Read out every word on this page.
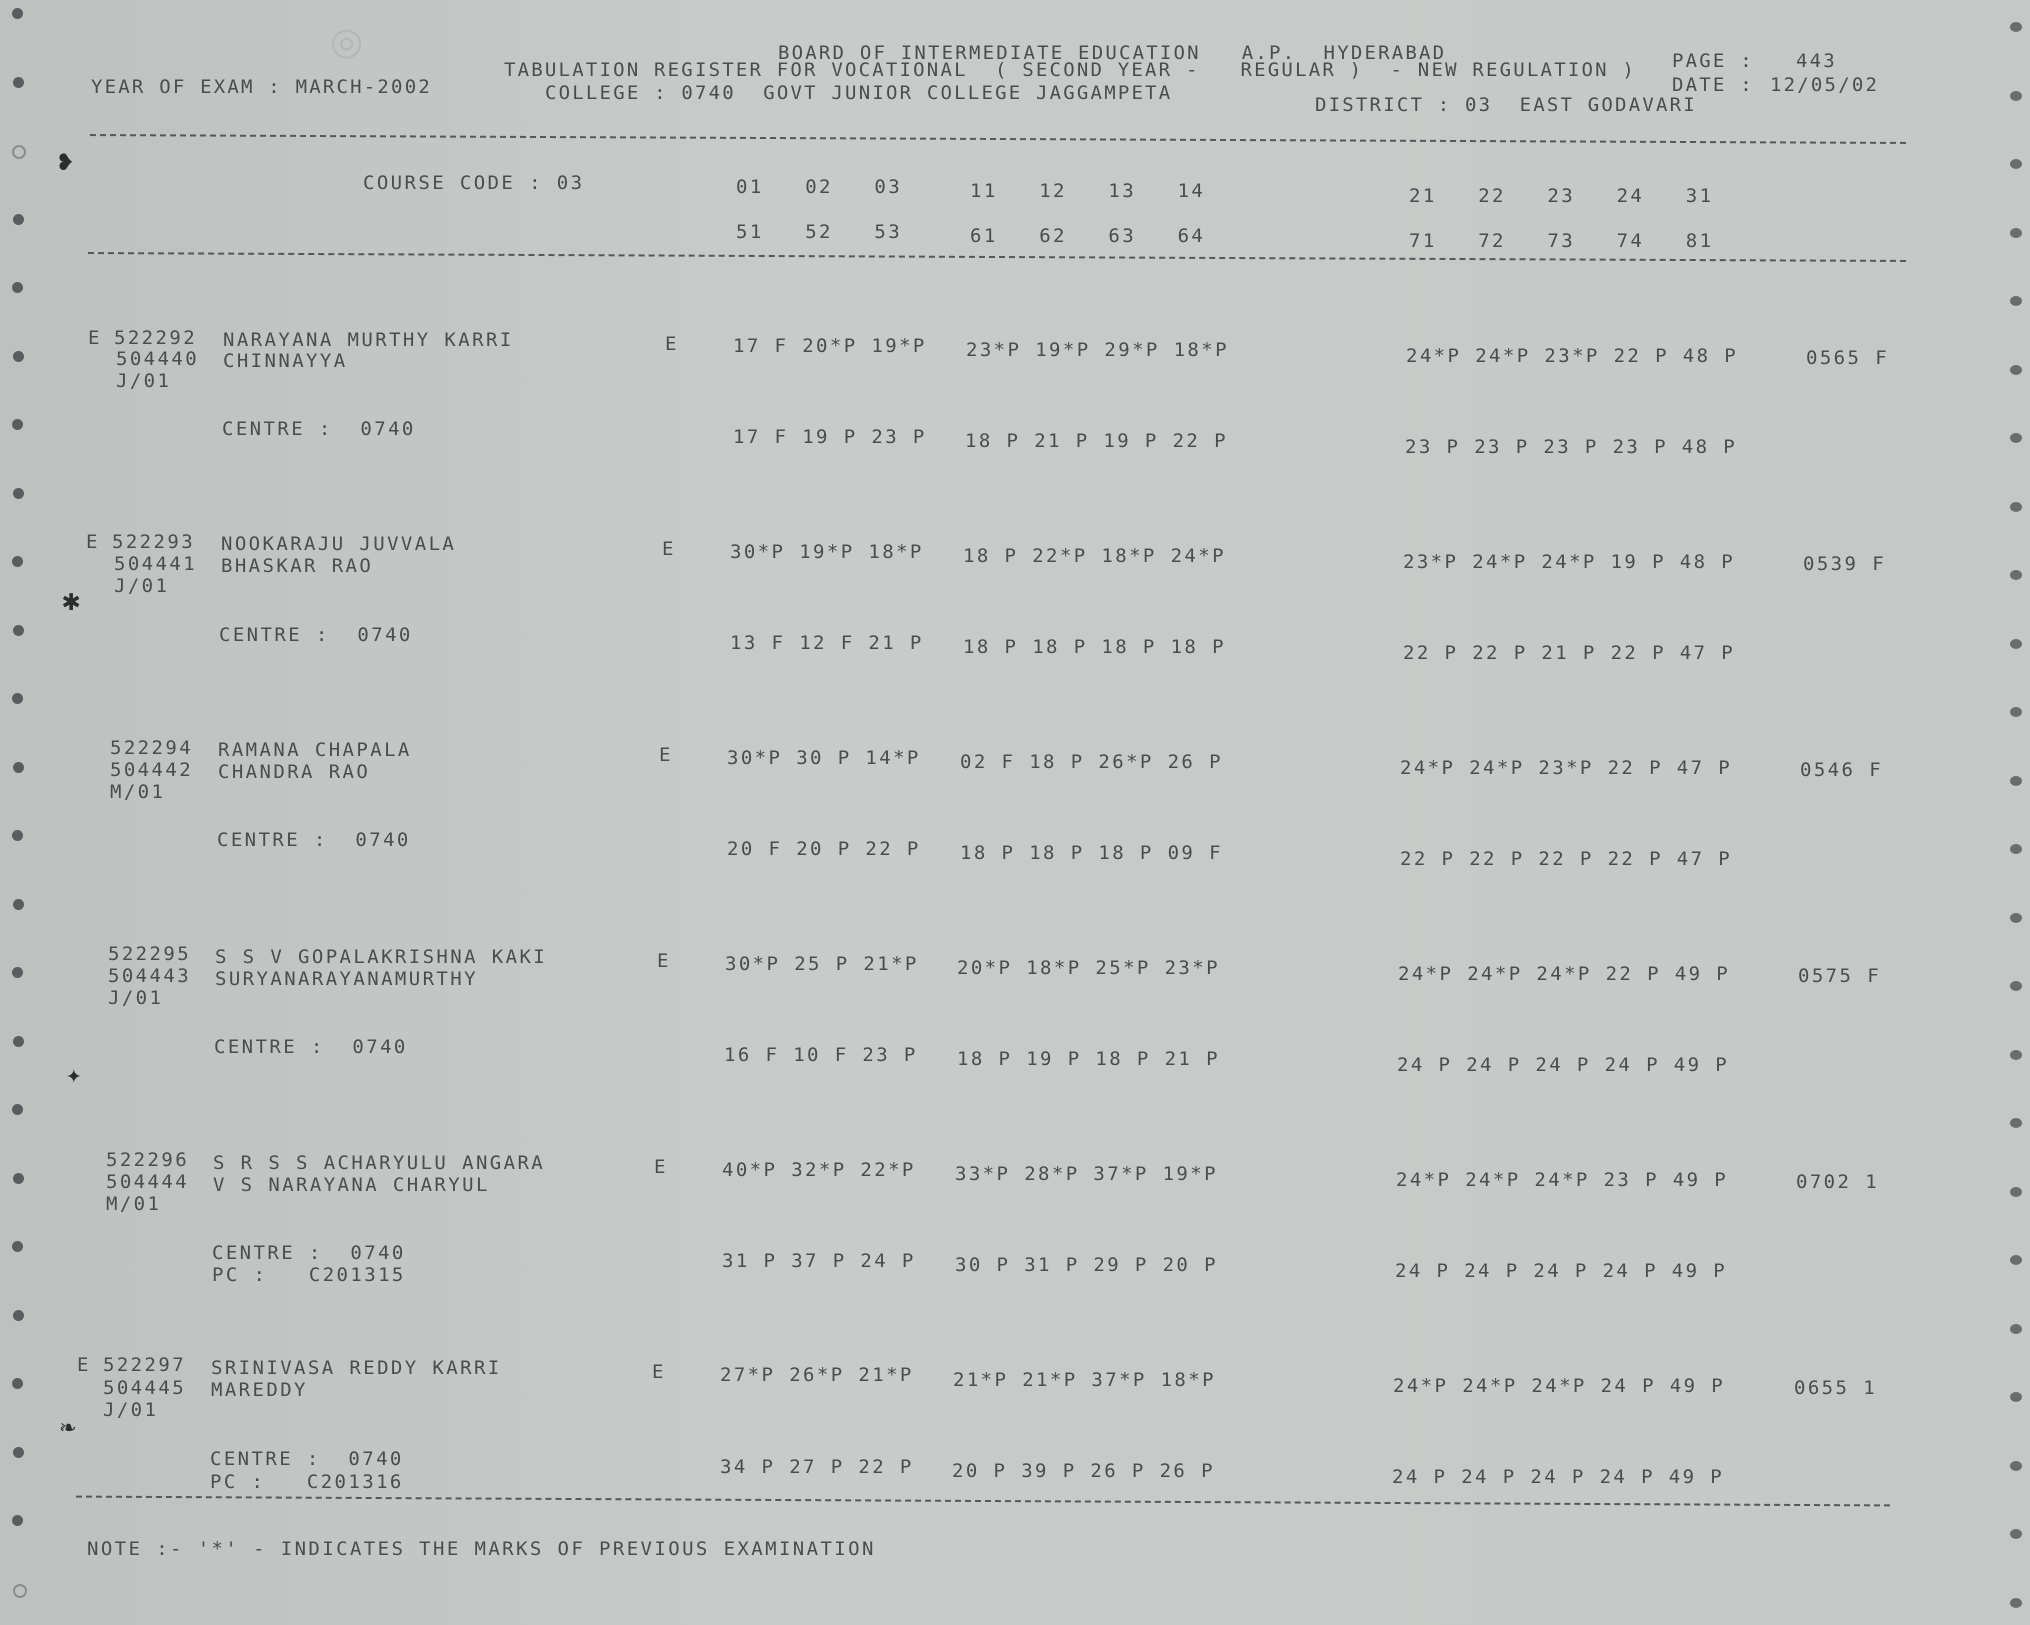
◎	BOARD OF INTERMEDIATE EDUCATION   A.P.  HYDERABAD
YEAR OF EXAM : MARCH-2002
TABULATION REGISTER FOR VOCATIONAL  ( SECOND YEAR -   REGULAR )  - NEW REGULATION )
COLLEGE : 0740  GOVT JUNIOR COLLEGE JAGGAMPETA
DISTRICT : 03  EAST GODAVARI
PAGE : 443
DATE : 12/05/02
COURSE CODE : 03	01   02   03	11   12   13   14	21   22   23   24   31
51   52   53	61   62   63   64	71   72   73   74   81
E 522292
504440
J/01
NARAYANA MURTHY KARRI
CHINNAYYA
E	17 F 20*P 19*P 23*P 19*P 29*P 18*P	24*P 24*P 23*P 22 P 48 P	0565 F
CENTRE :  0740	17 F 19 P 23 P 18 P 21 P 19 P 22 P	23 P 23 P 23 P 23 P 48 P
E 522293
504441
J/01
NOOKARAJU JUVVALA
BHASKAR RAO
E	30*P 19*P 18*P 18 P 22*P 18*P 24*P	23*P 24*P 24*P 19 P 48 P	0539 F
CENTRE :  0740	13 F 12 F 21 P 18 P 18 P 18 P 18 P	22 P 22 P 21 P 22 P 47 P
522294
504442
M/01
RAMANA CHAPALA
CHANDRA RAO
E	30*P 30 P 14*P 02 F 18 P 26*P 26 P	24*P 24*P 23*P 22 P 47 P	0546 F
CENTRE :  0740	20 F 20 P 22 P 18 P 18 P 18 P 09 F	22 P 22 P 22 P 22 P 47 P
522295
504443
J/01
S S V GOPALAKRISHNA KAKI
SURYANARAYANAMURTHY
E	30*P 25 P 21*P 20*P 18*P 25*P 23*P	24*P 24*P 24*P 22 P 49 P	0575 F
CENTRE :  0740	16 F 10 F 23 P 18 P 19 P 18 P 21 P	24 P 24 P 24 P 24 P 49 P
522296
504444
M/01
S R S S ACHARYULU ANGARA
V S NARAYANA CHARYUL
E	40*P 32*P 22*P 33*P 28*P 37*P 19*P	24*P 24*P 24*P 23 P 49 P	0702 1
CENTRE :  0740
PC :   C201315
31 P 37 P 24 P 30 P 31 P 29 P 20 P	24 P 24 P 24 P 24 P 49 P
E 522297
504445
J/01
SRINIVASA REDDY KARRI
MAREDDY
E	27*P 26*P 21*P 21*P 21*P 37*P 18*P	24*P 24*P 24*P 24 P 49 P	0655 1
CENTRE :  0740
PC :   C201316
34 P 27 P 22 P 20 P 39 P 26 P 26 P	24 P 24 P 24 P 24 P 49 P
NOTE :- '*' - INDICATES THE MARKS OF PREVIOUS EXAMINATION
❥
✱
✦
❧
